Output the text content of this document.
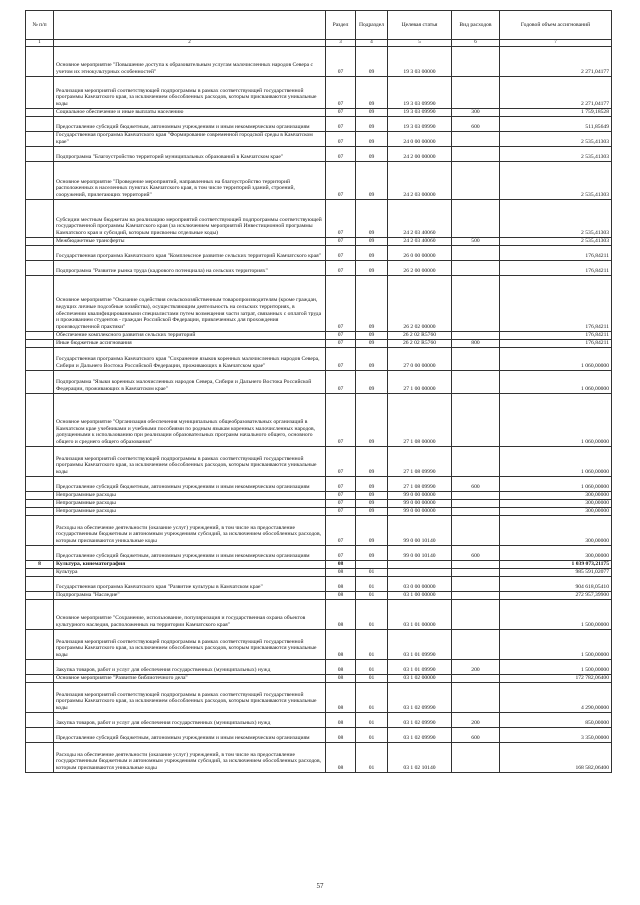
№ п/п		Раздел	Подраздел	Целевая статья	Вид расходов	Годовой объем ассигнований
1	2	3	4	5	6	7
	Основное мероприятие "Повышение доступа к образовательным услугам малочисленных народов Севера с учетом их этнокультурных особенностей"	07	09	19 3 03 00000		2 271,04177
	Реализация мероприятий соответствующей подпрограммы в рамках соответствующей государственной программы Камчатского края, за исключением обособленных расходов, которым присваиваются уникальные коды	07	09	19 3 03 09990		2 271,04177
	Социальное обеспечение и иные выплаты населению	07	09	19 3 03 09990	300	1 759,18528
	Предоставление субсидий бюджетным, автономным учреждениям и иным некоммерческим организациям	07	09	19 3 03 09990	600	511,85649
	Государственная программа Камчатского края "Формирование современной городской среды в Камчатском крае"	07	09	24 0 00 00000		2 535,41303
	Подпрограмма "Благоустройство территорий муниципальных образований в Камчатском крае"	07	09	24 2 00 00000		2 535,41303
	Основное мероприятие "Проведение мероприятий, направленных на благоустройство территорий расположенных в населенных пунктах Камчатского края, в том числе территорий зданий, строений, сооружений, прилегающих территорий"	07	09	24 2 03 00000		2 535,41303
	Субсидии местным бюджетам на реализацию мероприятий соответствующей подпрограммы соответствующей государственной программы Камчатского края (за исключением мероприятий Инвестиционной программы Камчатского края и субсидий, которым присвоены отдельные коды)	07	09	24 2 03 40060		2 535,41303
	Межбюджетные трансферты	07	09	24 2 03 40060	500	2 535,41303
	Государственная программа Камчатского края "Комплексное развитие сельских территорий Камчатского края"	07	09	26 0 00 00000		176,84211
	Подпрограмма "Развитие рынка труда (кадрового потенциала) на сельских территориях"	07	09	26 2 00 00000		176,84211
	Основное мероприятие "Оказание содействия сельскохозяйственным товаропроизводителям (кроме граждан, ведущих личные подсобные хозяйства), осуществляющим деятельность на сельских территориях, в обеспечении квалифицированными специалистами путем возмещения части затрат, связанных с оплатой труда и проживанием студентов - граждан Российской Федерации, привлеченных для прохождения производственной практики"	07	09	26 2 02 00000		176,84211
	Обеспечение комплексного развития сельских территорий	07	09	26 2 02 R5760		176,84211
	Иные бюджетные ассигнования	07	09	26 2 02 R5760	800	176,84211
	Государственная программа Камчатского края "Сохранение языков коренных малочисленных народов Севера, Сибири и Дальнего Востока Российской Федерации, проживающих в Камчатском крае"	07	09	27 0 00 00000		1 060,00000
	Подпрограмма "Языки коренных малочисленных народов Севера, Сибири и Дальнего Востока Российской Федерации, проживающих в Камчатском крае"	07	09	27 1 00 00000		1 060,00000
	Основное мероприятие "Организация обеспечения муниципальных общеобразовательных организаций в Камчатском крае учебниками и учебными пособиями по родным языкам коренных малочисленных народов, допущенными к использованию при реализации образовательных программ начального общего, основного общего и среднего общего образования"	07	09	27 1 08 00000		1 060,00000
	Реализация мероприятий соответствующей подпрограммы в рамках соответствующей государственной программы Камчатского края, за исключением обособленных расходов, которым присваиваются уникальные коды	07	09	27 1 08 09990		1 060,00000
	Предоставление субсидий бюджетным, автономным учреждениям и иным некоммерческим организациям	07	09	27 1 08 09990	600	1 060,00000
	Непрограммные расходы	07	09	99 0 00 00000		300,00000
	Непрограммные расходы	07	09	99 0 00 00000		300,00000
	Непрограммные расходы	07	09	99 0 00 00000		300,00000
	Расходы на обеспечение деятельности (оказание услуг) учреждений, в том числе на предоставление государственным бюджетным и автономным учреждениям субсидий, за исключением обособленных расходов, которым присваиваются уникальные коды	07	09	99 0 00 10140		300,00000
	Предоставление субсидий бюджетным, автономным учреждениям и иным некоммерческим организациям	07	09	99 0 00 10140	600	300,00000
8	Культура, кинематография	08				1 039 073,21175
	Культура	08	01			985 591,02077
	Государственная программа Камчатского края "Развитие культуры в Камчатском крае"	08	01	03 0 00 00000		904 618,05410
	Подпрограмма "Наследие"	08	01	03 1 00 00000		272 957,39900
	Основное мероприятие "Сохранение, использование, популяризация и государственная охрана объектов культурного наследия, расположенных на территории Камчатского края"	08	01	03 1 01 00000		1 500,00000
	Реализация мероприятий соответствующей подпрограммы в рамках соответствующей государственной программы Камчатского края, за исключением обособленных расходов, которым присваиваются уникальные коды	08	01	03 1 01 09990		1 500,00000
	Закупка товаров, работ и услуг для обеспечения государственных (муниципальных) нужд	08	01	03 1 01 09990	200	1 500,00000
	Основное мероприятие "Развитие библиотечного дела"	08	01	03 1 02 00000		172 782,06400
	Реализация мероприятий соответствующей подпрограммы в рамках соответствующей государственной программы Камчатского края, за исключением обособленных расходов, которым присваиваются уникальные коды	08	01	03 1 02 09990		4 290,00000
	Закупка товаров, работ и услуг для обеспечения государственных (муниципальных) нужд	08	01	03 1 02 09990	200	850,00000
	Предоставление субсидий бюджетным, автономным учреждениям и иным некоммерческим организациям	08	01	03 1 02 09990	600	3 350,00000
	Расходы на обеспечение деятельности (оказание услуг) учреждений, в том числе на предоставление государственным бюджетным и автономным учреждениям субсидий, за исключением обособленных расходов, которым присваиваются уникальные коды	08	01	03 1 02 10140		168 582,06400
57
